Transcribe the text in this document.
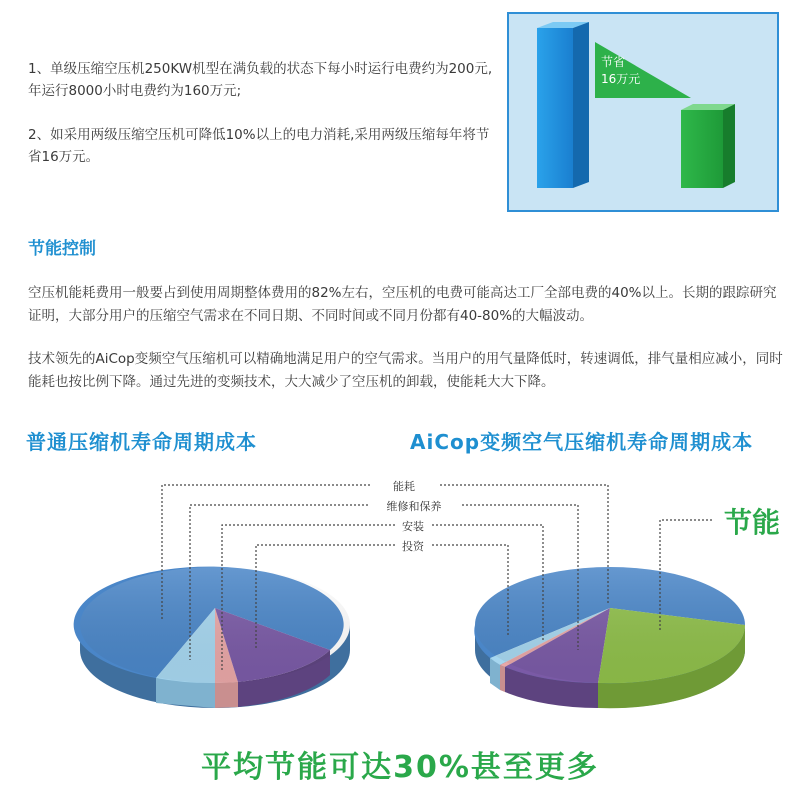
1、单级压缩空压机250KW机型在满负载的状态下每小时运行电费约为200元,年运行8000小时电费约为160万元;

2、如采用两级压缩空压机可降低10%以上的电力消耗,采用两级压缩每年将节省16万元。

节省
16万元
节能控制

空压机能耗费用一般要占到使用周期整体费用的82%左右，空压机的电费可能高达工厂全部电费的40%以上。长期的跟踪研究证明，大部分用户的压缩空气需求在不同日期、不同时间或不同月份都有40-80%的大幅波动。

技术领先的AiCop变频空气压缩机可以精确地满足用户的空气需求。当用户的用气量降低时，转速调低，排气量相应减小，同时能耗也按比例下降。通过先进的变频技术，大大减少了空压机的卸载，使能耗大大下降。

普通压缩机寿命周期成本	AiCop变频空气压缩机寿命周期成本
能耗
维修和保养
安装
投资
节能
平均节能可达30%甚至更多
